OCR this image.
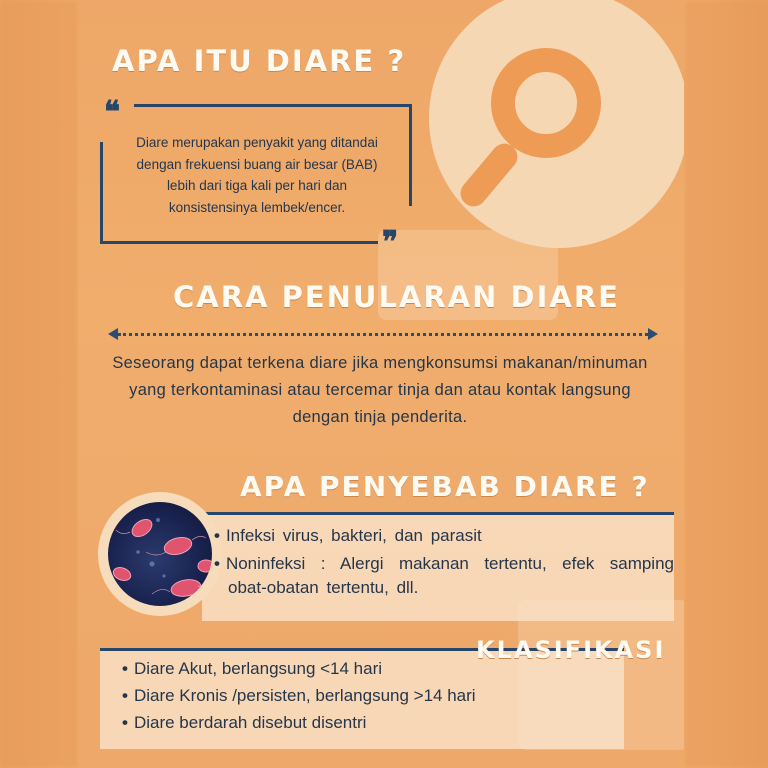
APA ITU DIARE ?
❝
❞

Diare merupakan penyakit yang ditandai dengan frekuensi buang air besar (BAB) lebih dari tiga kali per hari dan konsistensinya lembek/encer.

CARA PENULARAN DIARE

Seseorang dapat terkena diare jika mengkonsumsi makanan/minuman yang terkontaminasi atau tercemar tinja dan atau kontak langsung dengan tinja penderita.

APA PENYEBAB DIARE ?
• Infeksi virus, bakteri, dan parasit
• Noninfeksi : Alergi makanan tertentu, efek samping obat-obatan tertentu, dll.
KLASIFIKASI
• Diare Akut, berlangsung <14 hari
• Diare Kronis /persisten, berlangsung >14 hari
• Diare berdarah disebut disentri
